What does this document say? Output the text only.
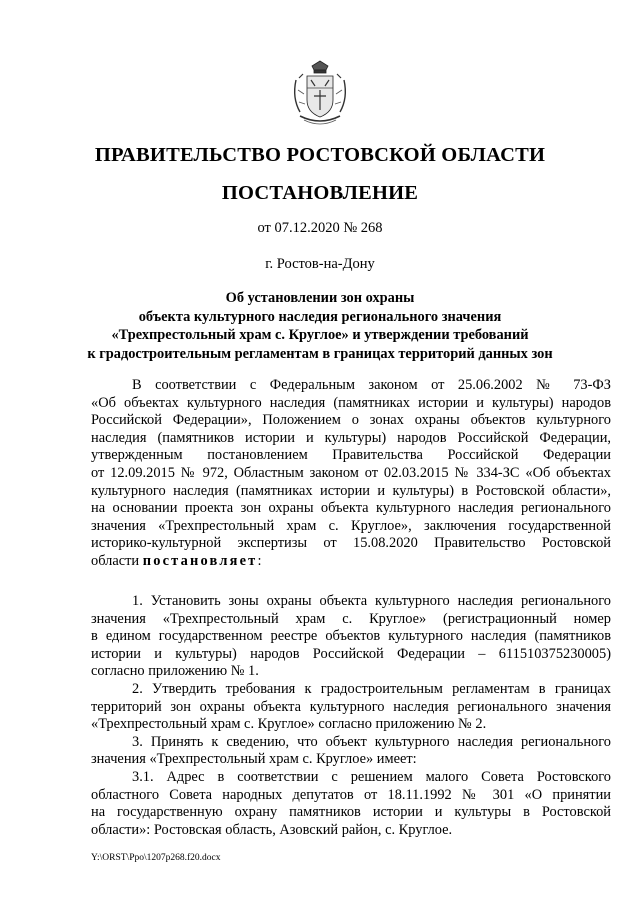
ПРАВИТЕЛЬСТВО РОСТОВСКОЙ ОБЛАСТИ
ПОСТАНОВЛЕНИЕ
от 07.12.2020 № 268
г. Ростов-на-Дону
Об установлении зон охраны
объекта культурного наследия регионального значения
«Трехпрестольный храм с. Круглое» и утверждении требований
к градостроительным регламентам в границах территорий данных зон
В соответствии с Федеральным законом от 25.06.2002 № 73-ФЗ
«Об объектах культурного наследия (памятниках истории и культуры) народов
Российской Федерации», Положением о зонах охраны объектов культурного
наследия (памятников истории и культуры) народов Российской Федерации,
утвержденным постановлением Правительства Российской Федерации
от 12.09.2015 № 972, Областным законом от 02.03.2015 № 334-ЗС «Об объектах
культурного наследия (памятниках истории и культуры) в Ростовской области»,
на основании проекта зон охраны объекта культурного наследия регионального
значения «Трехпрестольный храм с. Круглое», заключения государственной
историко-культурной экспертизы от 15.08.2020 Правительство Ростовской
области постановляет:
1. Установить зоны охраны объекта культурного наследия регионального
значения «Трехпрестольный храм с. Круглое» (регистрационный номер
в едином государственном реестре объектов культурного наследия (памятников
истории и культуры) народов Российской Федерации – 611510375230005)
согласно приложению № 1.
2. Утвердить требования к градостроительным регламентам в границах
территорий зон охраны объекта культурного наследия регионального значения
«Трехпрестольный храм с. Круглое» согласно приложению № 2.
3. Принять к сведению, что объект культурного наследия регионального
значения «Трехпрестольный храм с. Круглое» имеет:
3.1. Адрес в соответствии с решением малого Совета Ростовского
областного Совета народных депутатов от 18.11.1992 № 301 «О принятии
на государственную охрану памятников истории и культуры в Ростовской
области»: Ростовская область, Азовский район, с. Круглое.
Y:\ORST\Ppo\1207p268.f20.docx
